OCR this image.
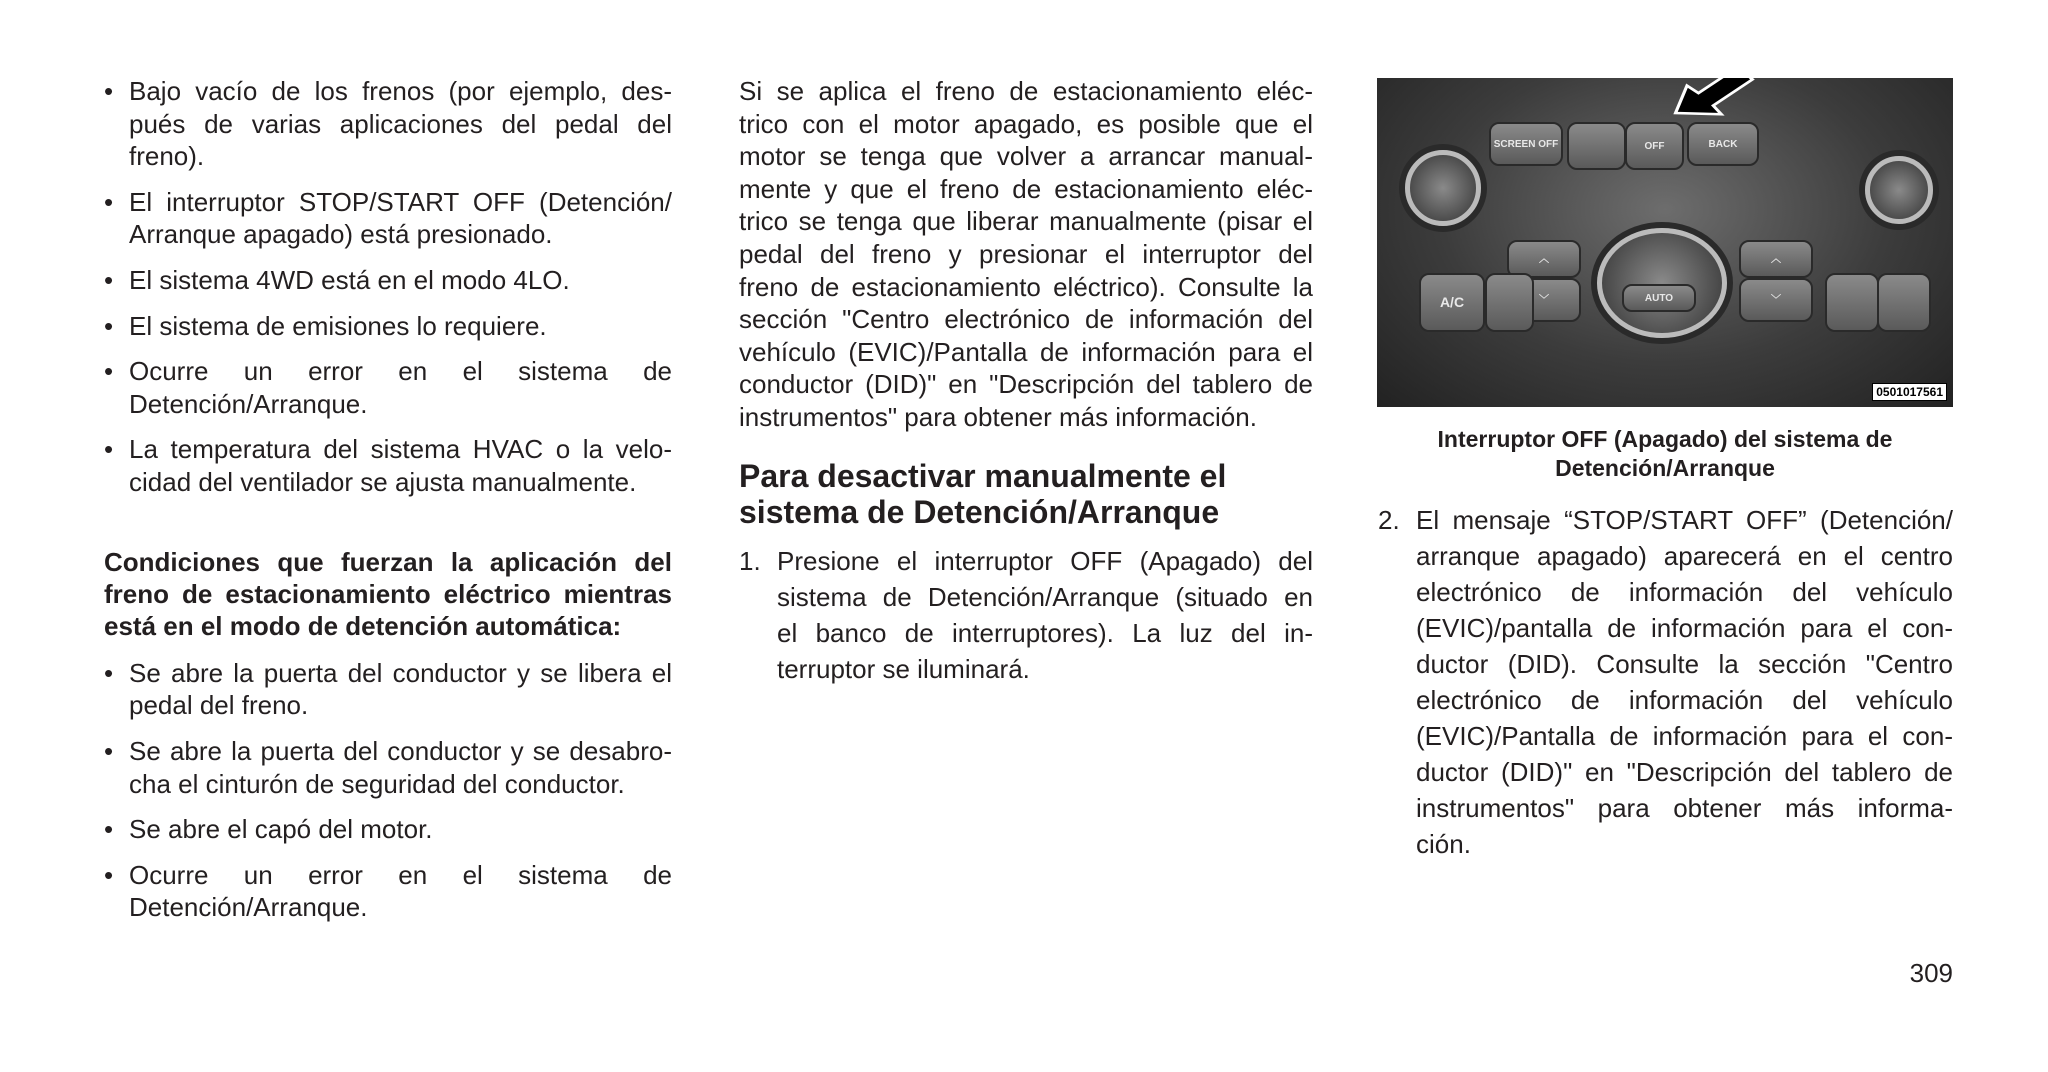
• Bajo vacío de los frenos (por ejemplo, des-
pués de varias aplicaciones del pedal del
freno).
• El interruptor STOP/START OFF (Detención/
Arranque apagado) está presionado.
• El sistema 4WD está en el modo 4LO.
• El sistema de emisiones lo requiere.
• Ocurre un error en el sistema de
Detención/Arranque.
• La temperatura del sistema HVAC o la velo-
cidad del ventilador se ajusta manualmente.
Condiciones que fuerzan la aplicación del
freno de estacionamiento eléctrico mientras
está en el modo de detención automática:
• Se abre la puerta del conductor y se libera el
pedal del freno.
• Se abre la puerta del conductor y se desabro-
cha el cinturón de seguridad del conductor.
• Se abre el capó del motor.
• Ocurre un error en el sistema de
Detención/Arranque.
Si se aplica el freno de estacionamiento eléc-
trico con el motor apagado, es posible que el
motor se tenga que volver a arrancar manual-
mente y que el freno de estacionamiento eléc-
trico se tenga que liberar manualmente (pisar el
pedal del freno y presionar el interruptor del
freno de estacionamiento eléctrico). Consulte la
sección "Centro electrónico de información del
vehículo (EVIC)/Pantalla de información para el
conductor (DID)" en "Descripción del tablero de
instrumentos" para obtener más información.
Para desactivar manualmente el
sistema de Detención/Arranque
1. Presione el interruptor OFF (Apagado) del
sistema de Detención/Arranque (situado en
el banco de interruptores). La luz del in-
terruptor se iluminará.
SCREEN OFF	OFF	BACK
AUTO
︿
﹀
︿
﹀
A/C
0501017561
Interruptor OFF (Apagado) del sistema de
Detención/Arranque
2. El mensaje “STOP/START OFF” (Detención/
arranque apagado) aparecerá en el centro
electrónico de información del vehículo
(EVIC)/pantalla de información para el con-
ductor (DID). Consulte la sección "Centro
electrónico de información del vehículo
(EVIC)/Pantalla de información para el con-
ductor (DID)" en "Descripción del tablero de
instrumentos" para obtener más informa-
ción.
309
